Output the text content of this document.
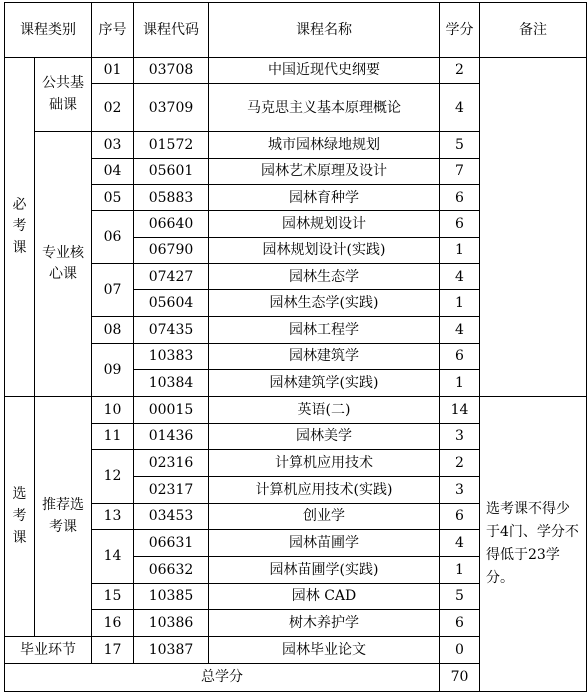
课程类别		序号	课程代码	课程名称	学分	备注
必考课	公共基础课	01	03708	中国近现代史纲要	2	
		02	03709	马克思主义基本原理概论	4	
	专业核心课	03	01572	城市园林绿地规划	5	
		04	05601	园林艺术原理及设计	7	
		05	05883	园林育种学	6	
		06	06640	园林规划设计	6	
			06790	园林规划设计(实践)	1	
		07	07427	园林生态学	4	
			05604	园林生态学(实践)	1	
		08	07435	园林工程学	4	
		09	10383	园林建筑学	6	
			10384	园林建筑学(实践)	1	
选考课	推荐选考课	10	00015	英语(二)	14	选考课不得少于4门、学分不得低于23学分。
		11	01436	园林美学	3	
		12	02316	计算机应用技术	2	
			02317	计算机应用技术(实践)	3	
		13	03453	创业学	6	
		14	06631	园林苗圃学	4	
			06632	园林苗圃学(实践)	1	
		15	10385	园林 CAD	5	
		16	10386	树木养护学	6	
毕业环节		17	10387	园林毕业论文	0	
总学分					70	
